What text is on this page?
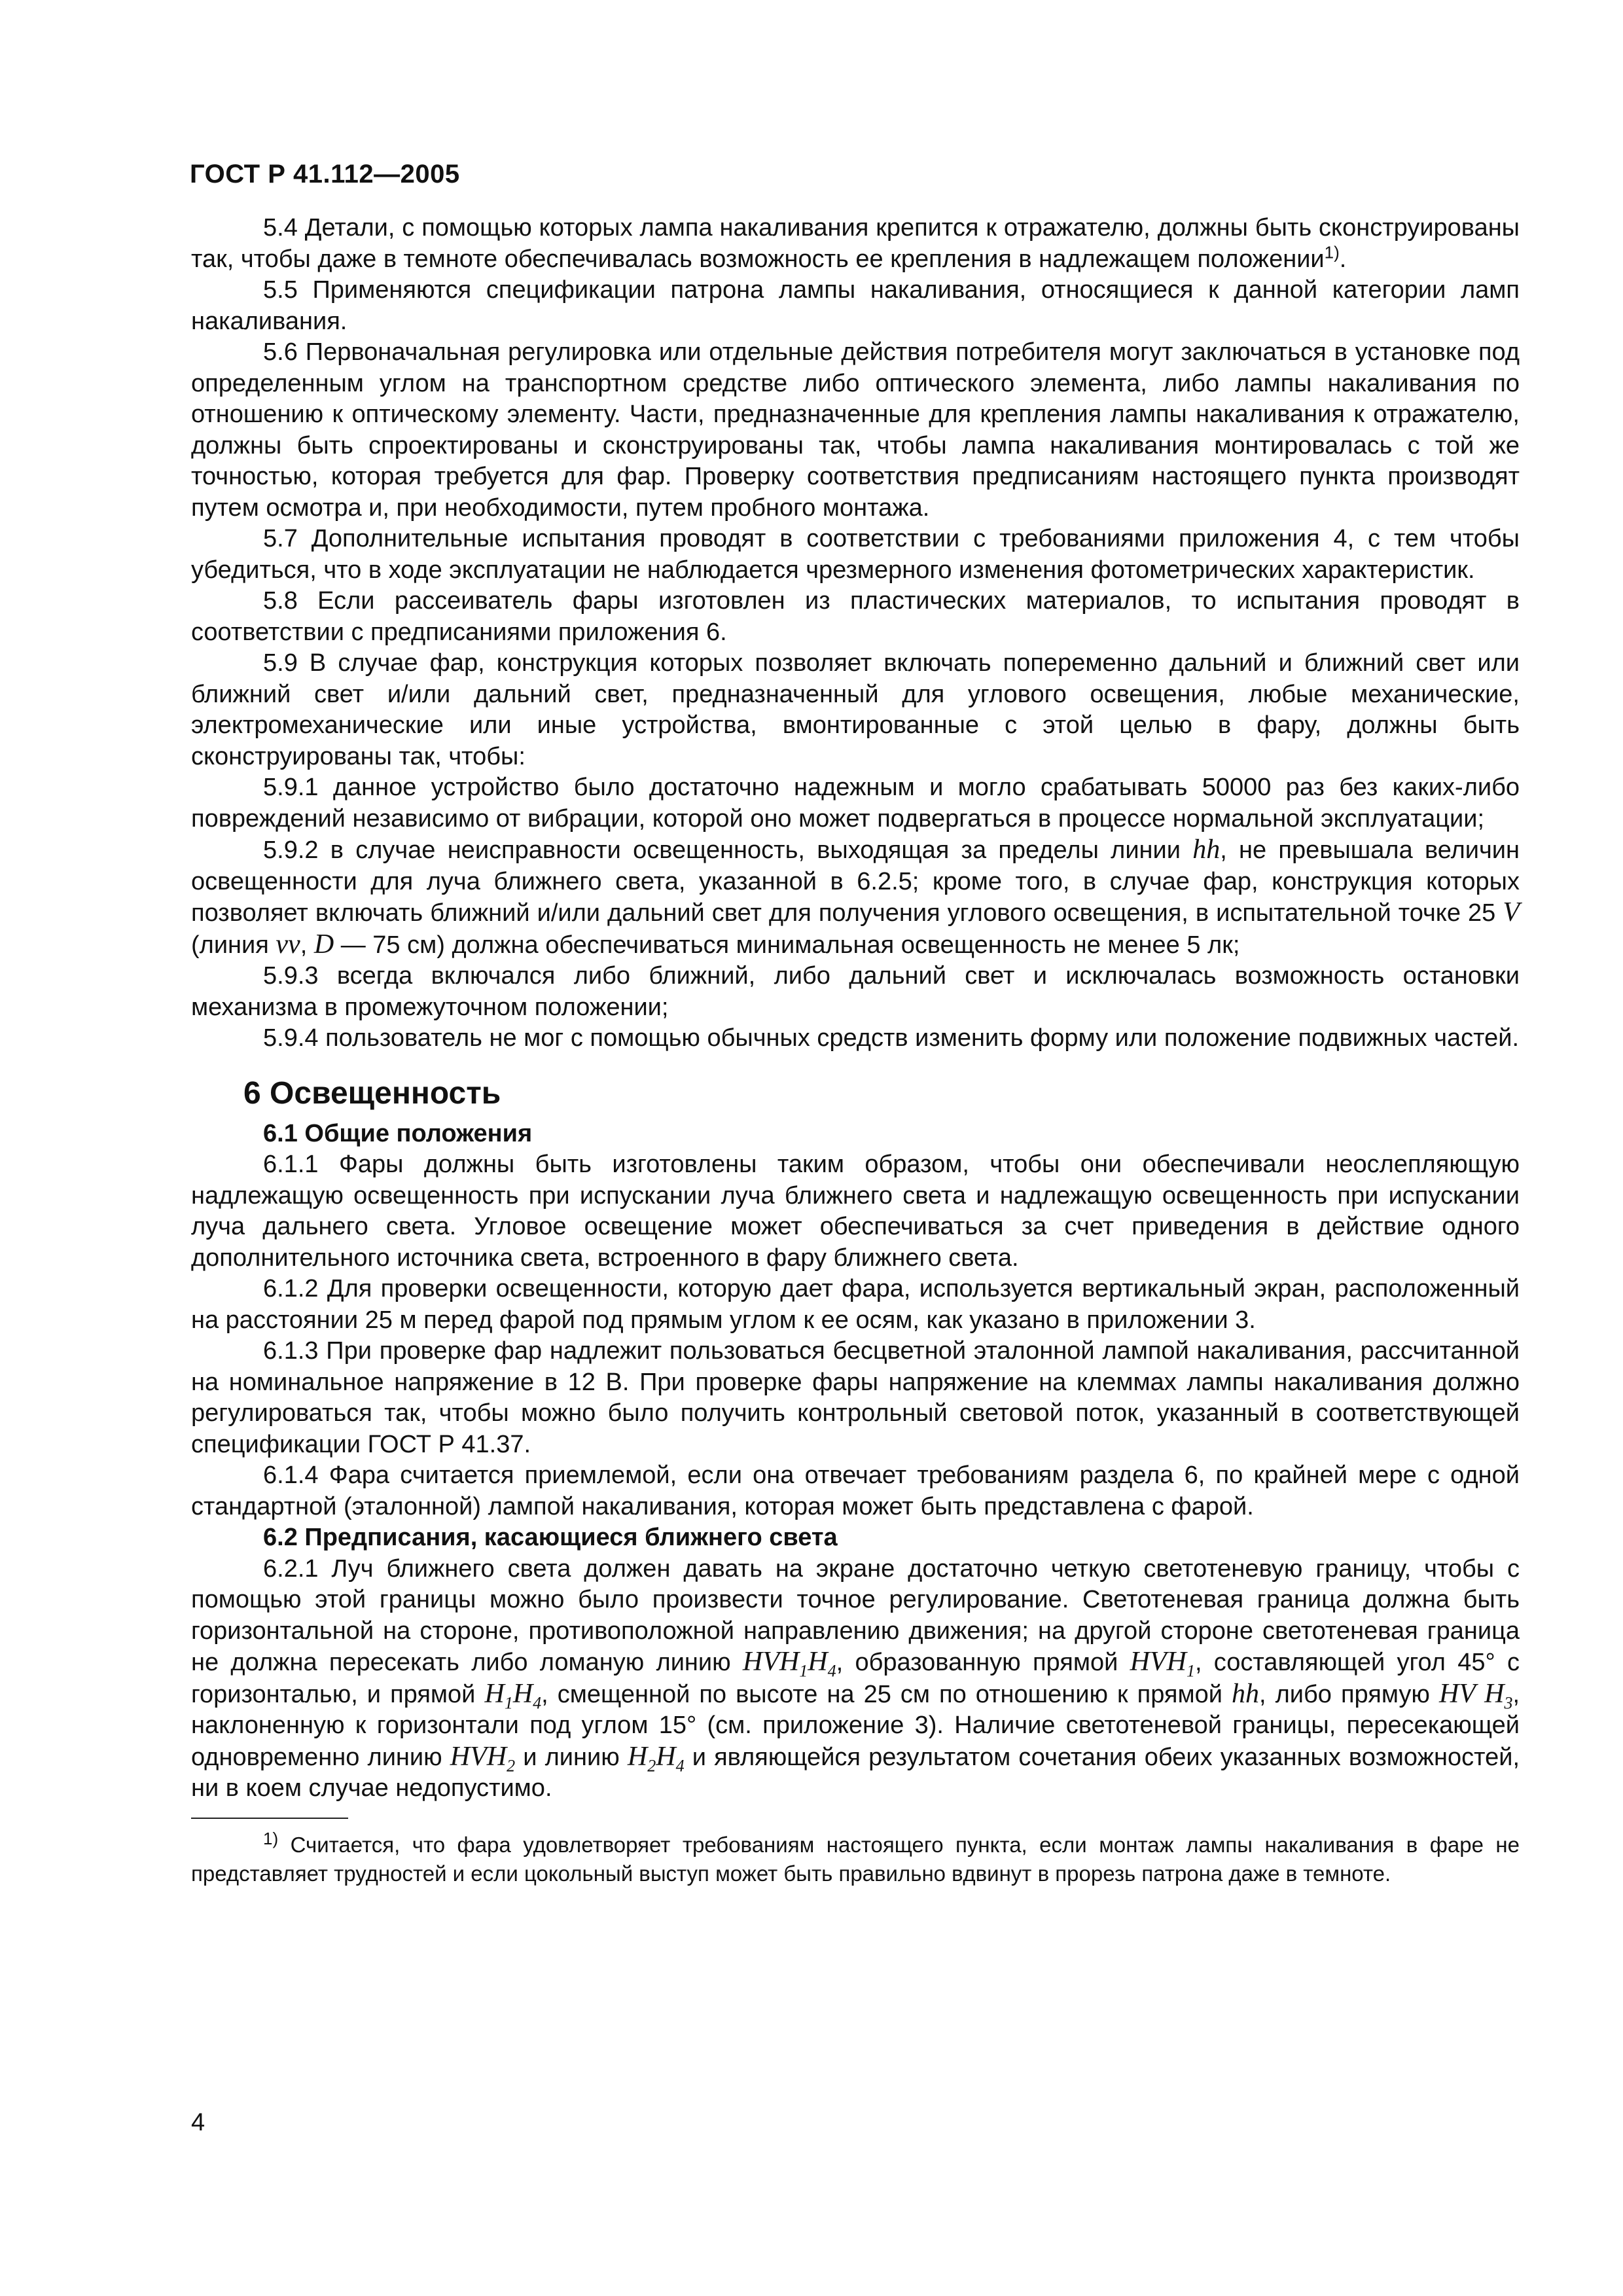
ГОСТ Р 41.112—2005

5.4 Детали, с помощью которых лампа накаливания крепится к отражателю, должны быть сконструированы так, чтобы даже в темноте обеспечивалась возможность ее крепления в надлежащем положении$^{1)}$.

5.5 Применяются спецификации патрона лампы накаливания, относящиеся к данной категории ламп накаливания.

5.6 Первоначальная регулировка или отдельные действия потребителя могут заключаться в установке под определенным углом на транспортном средстве либо оптического элемента, либо лампы накаливания по отношению к оптическому элементу. Части, предназначенные для крепления лампы накаливания к отражателю, должны быть спроектированы и сконструированы так, чтобы лампа накаливания монтировалась с той же точностью, которая требуется для фар. Проверку соответствия предписаниям настоящего пункта производят путем осмотра и, при необходимости, путем пробного монтажа.

5.7 Дополнительные испытания проводят в соответствии с требованиями приложения 4, с тем чтобы убедиться, что в ходе эксплуатации не наблюдается чрезмерного изменения фотометрических характеристик.

5.8 Если рассеиватель фары изготовлен из пластических материалов, то испытания проводят в соответствии с предписаниями приложения 6.

5.9 В случае фар, конструкция которых позволяет включать попеременно дальний и ближний свет или ближний свет и/или дальний свет, предназначенный для углового освещения, любые механические, электромеханические или иные устройства, вмонтированные с этой целью в фару, должны быть сконструированы так, чтобы:

5.9.1 данное устройство было достаточно надежным и могло срабатывать 50000 раз без каких-либо повреждений независимо от вибрации, которой оно может подвергаться в процессе нормальной эксплуатации;

5.9.2 в случае неисправности освещенность, выходящая за пределы линии hh, не превышала величин освещенности для луча ближнего света, указанной в 6.2.5; кроме того, в случае фар, конструкция которых позволяет включать ближний и/или дальний свет для получения углового освещения, в испытательной точке 25 V (линия vv, D — 75 см) должна обеспечиваться минимальная освещенность не менее 5 лк;

5.9.3 всегда включался либо ближний, либо дальний свет и исключалась возможность остановки механизма в промежуточном положении;

5.9.4 пользователь не мог с помощью обычных средств изменить форму или положение подвижных частей.

6 Освещенность
6.1 Общие положения

6.1.1 Фары должны быть изготовлены таким образом, чтобы они обеспечивали неослепляющую надлежащую освещенность при испускании луча ближнего света и надлежащую освещенность при испускании луча дальнего света. Угловое освещение может обеспечиваться за счет приведения в действие одного дополнительного источника света, встроенного в фару ближнего света.

6.1.2 Для проверки освещенности, которую дает фара, используется вертикальный экран, расположенный на расстоянии 25 м перед фарой под прямым углом к ее осям, как указано в приложении 3.

6.1.3 При проверке фар надлежит пользоваться бесцветной эталонной лампой накаливания, рассчитанной на номинальное напряжение в 12 В. При проверке фары напряжение на клеммах лампы накаливания должно регулироваться так, чтобы можно было получить контрольный световой поток, указанный в соответствующей спецификации ГОСТ Р 41.37.

6.1.4 Фара считается приемлемой, если она отвечает требованиям раздела 6, по крайней мере с одной стандартной (эталонной) лампой накаливания, которая может быть представлена с фарой.

6.2 Предписания, касающиеся ближнего света

6.2.1 Луч ближнего света должен давать на экране достаточно четкую светотеневую границу, чтобы с помощью этой границы можно было произвести точное регулирование. Светотеневая граница должна быть горизонтальной на стороне, противоположной направлению движения; на другой стороне светотеневая граница не должна пересекать либо ломаную линию $HVH_1H_4$, образованную прямой $HVH_1$, составляющей угол 45° с горизонталью, и прямой $H_1H_4$, смещенной по высоте на 25 см по отношению к прямой hh, либо прямую HV $H_3$, наклоненную к горизонтали под углом 15° (см. приложение 3). Наличие светотеневой границы, пересекающей одновременно линию $HVH_2$ и линию $H_2H_4$ и являющейся результатом сочетания обеих указанных возможностей, ни в коем случае недопустимо.

$^{1)}$ Считается, что фара удовлетворяет требованиям настоящего пункта, если монтаж лампы накаливания в фаре не представляет трудностей и если цокольный выступ может быть правильно вдвинут в прорезь патрона даже в темноте.

4
